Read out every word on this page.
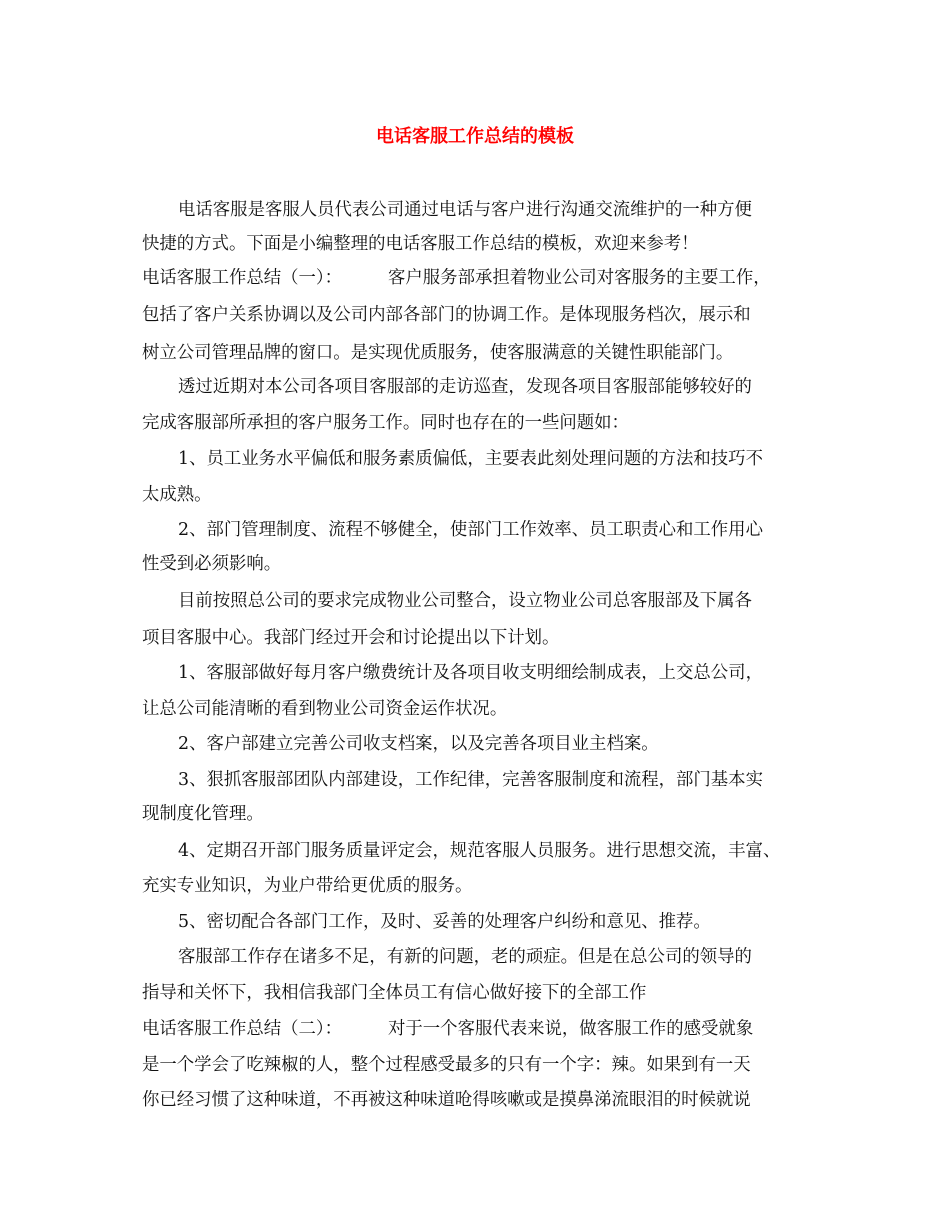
电话客服工作总结的模板
电话客服是客服人员代表公司通过电话与客户进行沟通交流维护的一种方便
快捷的方式。下面是小编整理的电话客服工作总结的模板，欢迎来参考！
电话客服工作总结（一）：	客户服务部承担着物业公司对客服务的主要工作，
包括了客户关系协调以及公司内部各部门的协调工作。是体现服务档次，展示和
树立公司管理品牌的窗口。是实现优质服务，使客服满意的关键性职能部门。
透过近期对本公司各项目客服部的走访巡查，发现各项目客服部能够较好的
完成客服部所承担的客户服务工作。同时也存在的一些问题如：
1、员工业务水平偏低和服务素质偏低，主要表此刻处理问题的方法和技巧不
太成熟。
2、部门管理制度、流程不够健全，使部门工作效率、员工职责心和工作用心
性受到必须影响。
目前按照总公司的要求完成物业公司整合，设立物业公司总客服部及下属各
项目客服中心。我部门经过开会和讨论提出以下计划。
1、客服部做好每月客户缴费统计及各项目收支明细绘制成表，上交总公司，
让总公司能清晰的看到物业公司资金运作状况。
2、客户部建立完善公司收支档案，以及完善各项目业主档案。
3、狠抓客服部团队内部建设，工作纪律，完善客服制度和流程，部门基本实
现制度化管理。
4、定期召开部门服务质量评定会，规范客服人员服务。进行思想交流，丰富、
充实专业知识，为业户带给更优质的服务。
5、密切配合各部门工作，及时、妥善的处理客户纠纷和意见、推荐。
客服部工作存在诸多不足，有新的问题，老的顽症。但是在总公司的领导的
指导和关怀下，我相信我部门全体员工有信心做好接下的全部工作
电话客服工作总结（二）：	对于一个客服代表来说，做客服工作的感受就象
是一个学会了吃辣椒的人，整个过程感受最多的只有一个字：辣。如果到有一天
你已经习惯了这种味道，不再被这种味道呛得咳嗽或是摸鼻涕流眼泪的时候就说
